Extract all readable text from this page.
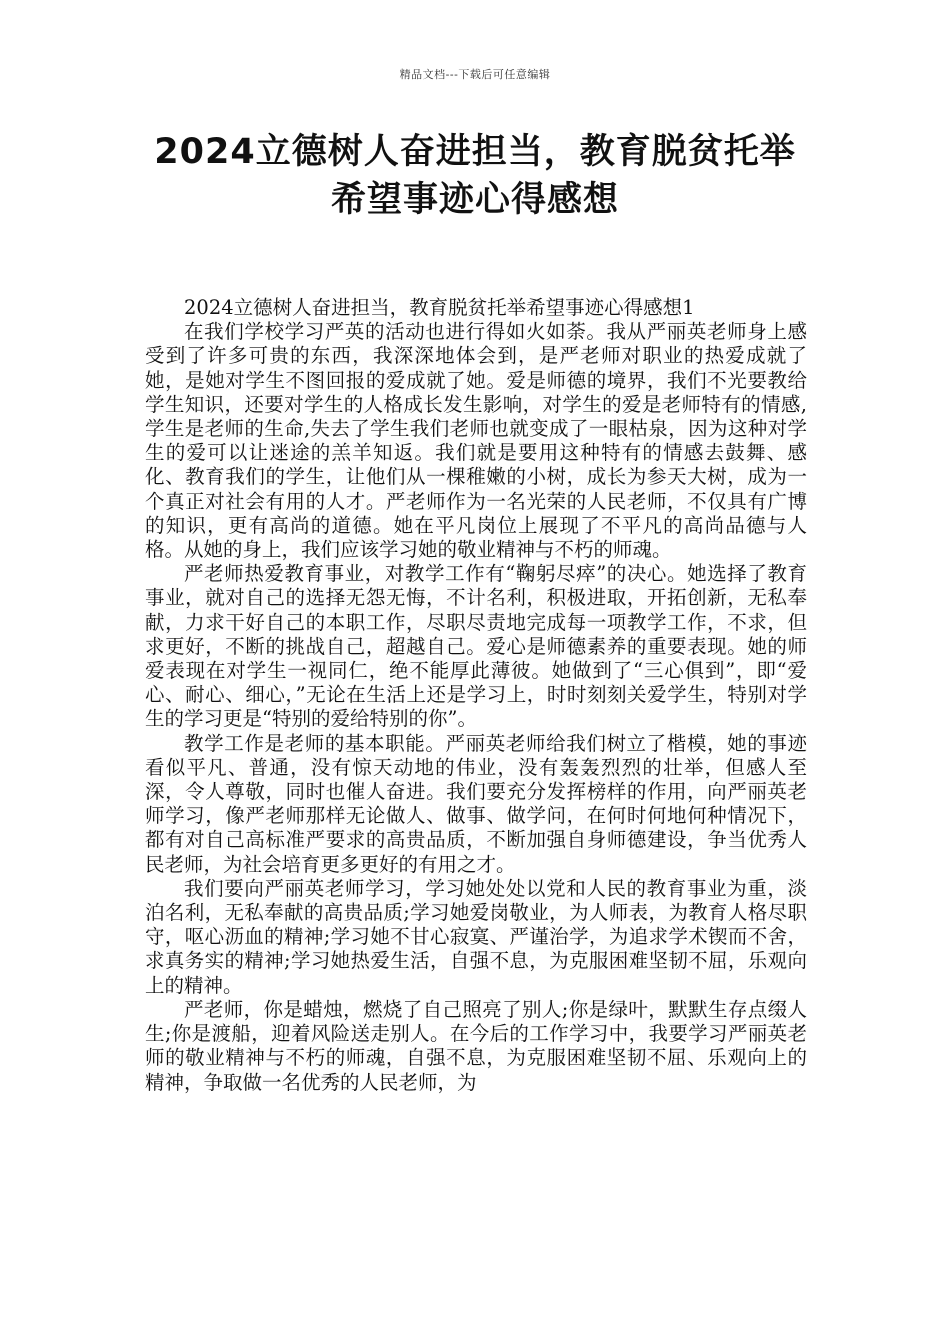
精品文档---下载后可任意编辑
2024立德树人奋进担当，教育脱贫托举
希望事迹心得感想

2024立德树人奋进担当，教育脱贫托举希望事迹心得感想1

在我们学校学习严英的活动也进行得如火如荼。我从严丽英老师身上感受到了许多可贵的东西，我深深地体会到，是严老师对职业的热爱成就了她，是她对学生不图回报的爱成就了她。爱是师德的境界，我们不光要教给学生知识，还要对学生的人格成长发生影响，对学生的爱是老师特有的情感,学生是老师的生命,失去了学生我们老师也就变成了一眼枯泉，因为这种对学生的爱可以让迷途的羔羊知返。我们就是要用这种特有的情感去鼓舞、感化、教育我们的学生，让他们从一棵稚嫩的小树，成长为参天大树，成为一个真正对社会有用的人才。严老师作为一名光荣的人民老师，不仅具有广博的知识，更有高尚的道德。她在平凡岗位上展现了不平凡的高尚品德与人格。从她的身上，我们应该学习她的敬业精神与不朽的师魂。

严老师热爱教育事业，对教学工作有“鞠躬尽瘁”的决心。她选择了教育事业，就对自己的选择无怨无悔，不计名利，积极进取，开拓创新，无私奉献，力求干好自己的本职工作，尽职尽责地完成每一项教学工作，不求，但求更好，不断的挑战自己，超越自己。爱心是师德素养的重要表现。她的师爱表现在对学生一视同仁，绝不能厚此薄彼。她做到了“三心俱到”，即“爱心、耐心、细心，”无论在生活上还是学习上，时时刻刻关爱学生，特别对学生的学习更是“特别的爱给特别的你”。

教学工作是老师的基本职能。严丽英老师给我们树立了楷模，她的事迹看似平凡、普通，没有惊天动地的伟业，没有轰轰烈烈的壮举，但感人至深，令人尊敬，同时也催人奋进。我们要充分发挥榜样的作用，向严丽英老师学习，像严老师那样无论做人、做事、做学问，在何时何地何种情况下，都有对自己高标准严要求的高贵品质，不断加强自身师德建设，争当优秀人民老师，为社会培育更多更好的有用之才。

我们要向严丽英老师学习，学习她处处以党和人民的教育事业为重，淡泊名利，无私奉献的高贵品质;学习她爱岗敬业，为人师表，为教育人格尽职守，呕心沥血的精神;学习她不甘心寂寞、严谨治学，为追求学术锲而不舍，求真务实的精神;学习她热爱生活，自强不息，为克服困难坚韧不屈，乐观向上的精神。

严老师，你是蜡烛，燃烧了自己照亮了别人;你是绿叶，默默生存点缀人生;你是渡船，迎着风险送走别人。在今后的工作学习中，我要学习严丽英老师的敬业精神与不朽的师魂，自强不息，为克服困难坚韧不屈、乐观向上的精神，争取做一名优秀的人民老师，为
